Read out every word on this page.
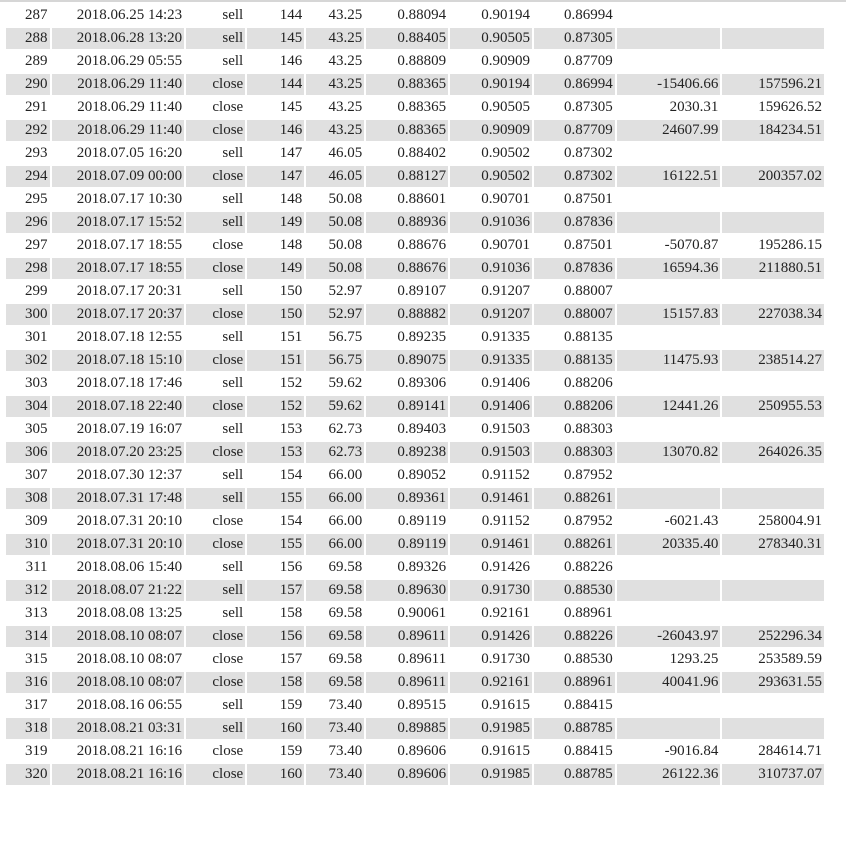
287	2018.06.25 14:23	sell	144	43.25	0.88094	0.90194	0.86994		
288	2018.06.28 13:20	sell	145	43.25	0.88405	0.90505	0.87305		
289	2018.06.29 05:55	sell	146	43.25	0.88809	0.90909	0.87709		
290	2018.06.29 11:40	close	144	43.25	0.88365	0.90194	0.86994	-15406.66	157596.21
291	2018.06.29 11:40	close	145	43.25	0.88365	0.90505	0.87305	2030.31	159626.52
292	2018.06.29 11:40	close	146	43.25	0.88365	0.90909	0.87709	24607.99	184234.51
293	2018.07.05 16:20	sell	147	46.05	0.88402	0.90502	0.87302		
294	2018.07.09 00:00	close	147	46.05	0.88127	0.90502	0.87302	16122.51	200357.02
295	2018.07.17 10:30	sell	148	50.08	0.88601	0.90701	0.87501		
296	2018.07.17 15:52	sell	149	50.08	0.88936	0.91036	0.87836		
297	2018.07.17 18:55	close	148	50.08	0.88676	0.90701	0.87501	-5070.87	195286.15
298	2018.07.17 18:55	close	149	50.08	0.88676	0.91036	0.87836	16594.36	211880.51
299	2018.07.17 20:31	sell	150	52.97	0.89107	0.91207	0.88007		
300	2018.07.17 20:37	close	150	52.97	0.88882	0.91207	0.88007	15157.83	227038.34
301	2018.07.18 12:55	sell	151	56.75	0.89235	0.91335	0.88135		
302	2018.07.18 15:10	close	151	56.75	0.89075	0.91335	0.88135	11475.93	238514.27
303	2018.07.18 17:46	sell	152	59.62	0.89306	0.91406	0.88206		
304	2018.07.18 22:40	close	152	59.62	0.89141	0.91406	0.88206	12441.26	250955.53
305	2018.07.19 16:07	sell	153	62.73	0.89403	0.91503	0.88303		
306	2018.07.20 23:25	close	153	62.73	0.89238	0.91503	0.88303	13070.82	264026.35
307	2018.07.30 12:37	sell	154	66.00	0.89052	0.91152	0.87952		
308	2018.07.31 17:48	sell	155	66.00	0.89361	0.91461	0.88261		
309	2018.07.31 20:10	close	154	66.00	0.89119	0.91152	0.87952	-6021.43	258004.91
310	2018.07.31 20:10	close	155	66.00	0.89119	0.91461	0.88261	20335.40	278340.31
311	2018.08.06 15:40	sell	156	69.58	0.89326	0.91426	0.88226		
312	2018.08.07 21:22	sell	157	69.58	0.89630	0.91730	0.88530		
313	2018.08.08 13:25	sell	158	69.58	0.90061	0.92161	0.88961		
314	2018.08.10 08:07	close	156	69.58	0.89611	0.91426	0.88226	-26043.97	252296.34
315	2018.08.10 08:07	close	157	69.58	0.89611	0.91730	0.88530	1293.25	253589.59
316	2018.08.10 08:07	close	158	69.58	0.89611	0.92161	0.88961	40041.96	293631.55
317	2018.08.16 06:55	sell	159	73.40	0.89515	0.91615	0.88415		
318	2018.08.21 03:31	sell	160	73.40	0.89885	0.91985	0.88785		
319	2018.08.21 16:16	close	159	73.40	0.89606	0.91615	0.88415	-9016.84	284614.71
320	2018.08.21 16:16	close	160	73.40	0.89606	0.91985	0.88785	26122.36	310737.07
